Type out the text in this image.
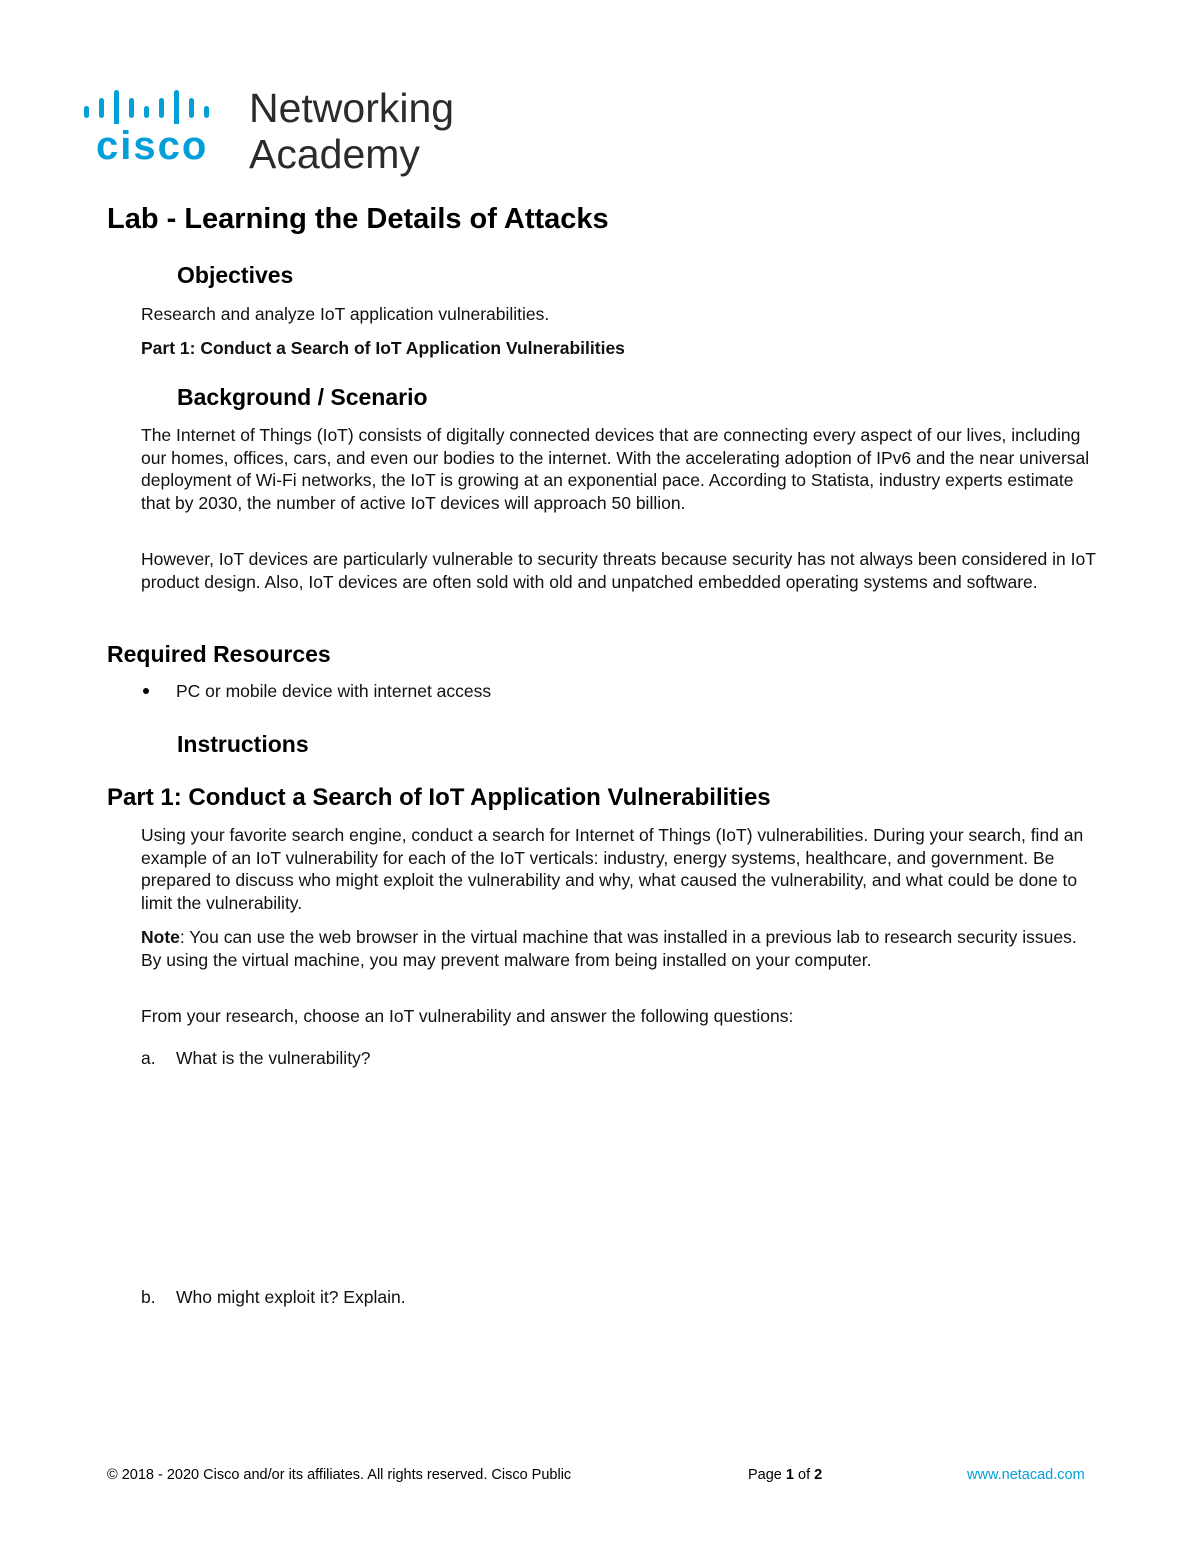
cisco
Networking
Academy
Lab - Learning the Details of Attacks
Objectives
Research and analyze IoT application vulnerabilities.
Part 1: Conduct a Search of IoT Application Vulnerabilities
Background / Scenario
The Internet of Things (IoT) consists of digitally connected devices that are connecting every aspect of our lives, including our homes, offices, cars, and even our bodies to the internet. With the accelerating adoption of IPv6 and the near universal deployment of Wi-Fi networks, the IoT is growing at an exponential pace. According to Statista, industry experts estimate that by 2030, the number of active IoT devices will approach 50 billion.
However, IoT devices are particularly vulnerable to security threats because security has not always been considered in IoT product design. Also, IoT devices are often sold with old and unpatched embedded operating systems and software.
Required Resources
PC or mobile device with internet access
Instructions
Part 1: Conduct a Search of IoT Application Vulnerabilities
Using your favorite search engine, conduct a search for Internet of Things (IoT) vulnerabilities. During your search, find an example of an IoT vulnerability for each of the IoT verticals: industry, energy systems, healthcare, and government. Be prepared to discuss who might exploit the vulnerability and why, what caused the vulnerability, and what could be done to limit the vulnerability.
Note: You can use the web browser in the virtual machine that was installed in a previous lab to research security issues. By using the virtual machine, you may prevent malware from being installed on your computer.
From your research, choose an IoT vulnerability and answer the following questions:
a. What is the vulnerability?
b. Who might exploit it? Explain.
© 2018 - 2020 Cisco and/or its affiliates. All rights reserved. Cisco Public	Page 1 of 2	www.netacad.com
